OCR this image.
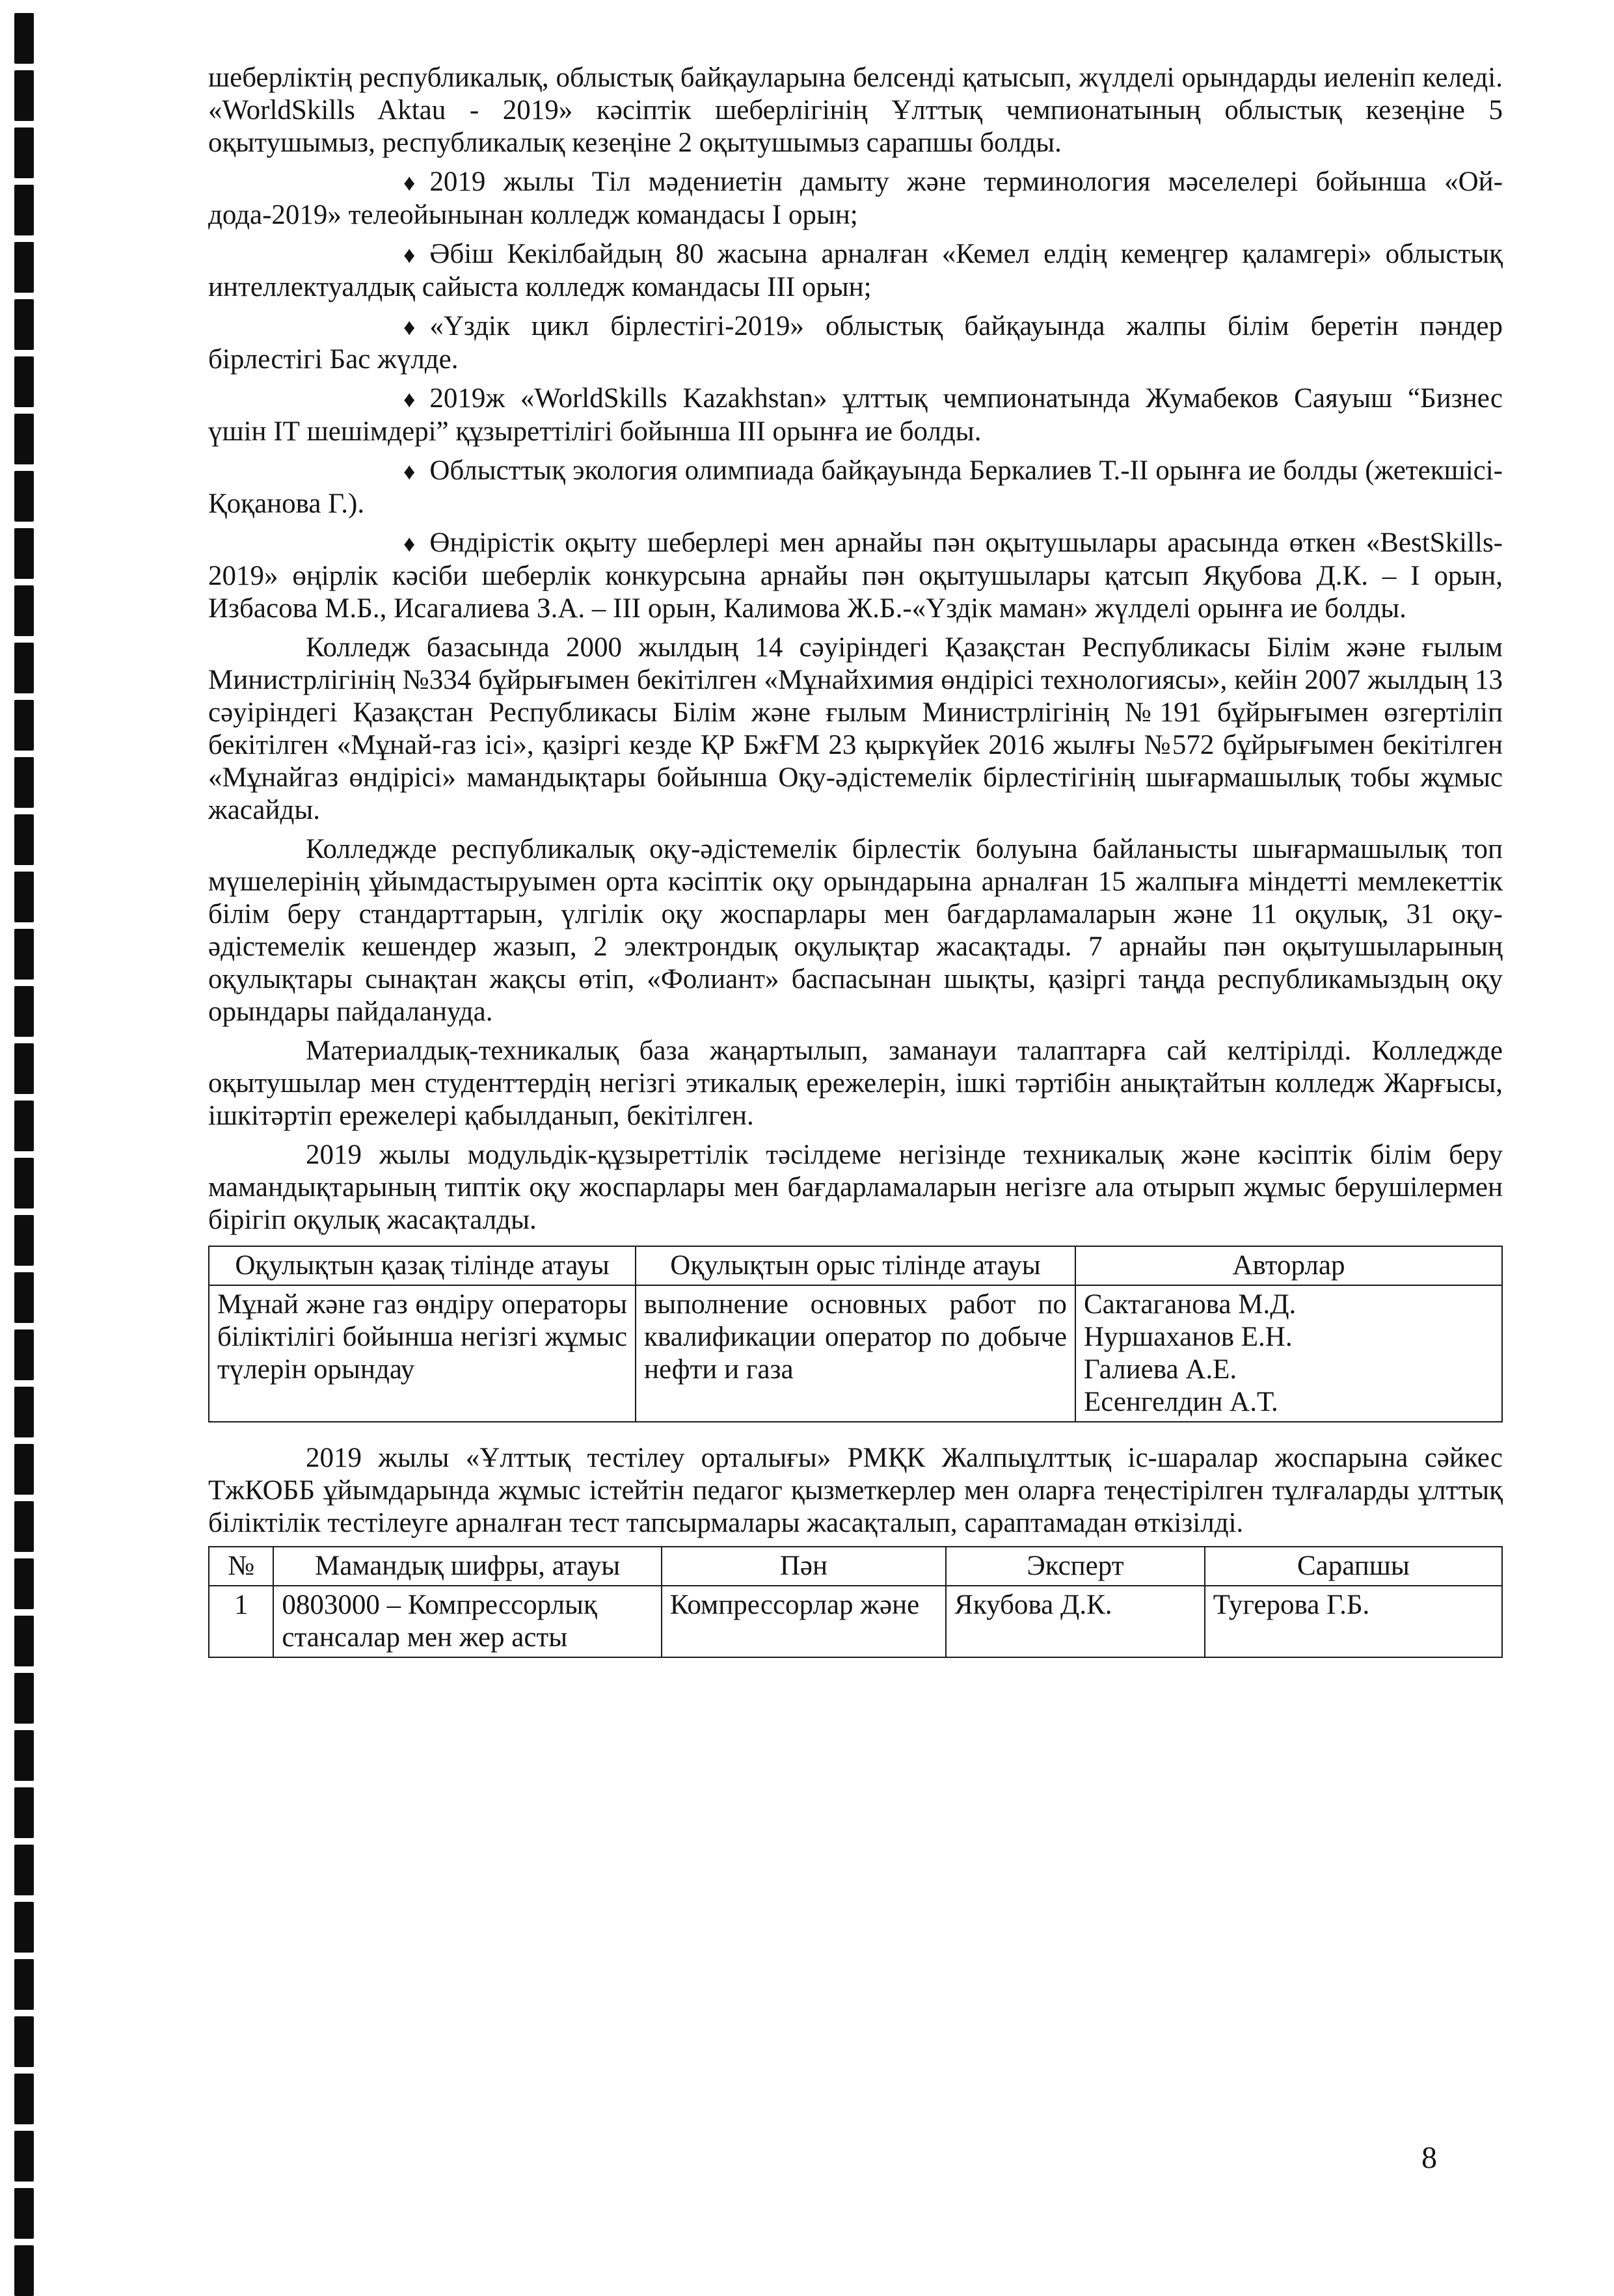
шеберліктің республикалық, облыстық байқауларына белсенді қатысып, жүлделі орындарды иеленіп келеді. «WorldSkills Aktau - 2019» кәсіптік шеберлігінің Ұлттық чемпионатының облыстық кезеңіне 5 оқытушымыз, республикалық кезеңіне 2 оқытушымыз сарапшы болды.

♦ 2019 жылы Тіл мәдениетін дамыту және терминология мәселелері бойынша «Ой-дода-2019» телеойынынан колледж командасы І орын;

♦ Әбіш Кекілбайдың 80 жасына арналған «Кемел елдің кемеңгер қаламгері» облыстық интеллектуалдық сайыста колледж командасы ІІІ орын;

♦ «Үздік цикл бірлестігі-2019» облыстық байқауында жалпы білім беретін пәндер бірлестігі Бас жүлде.

♦ 2019ж «WorldSkills Kazakhstan» ұлттық чемпионатында Жумабеков Саяуыш “Бизнес үшін ІТ шешімдері” құзыреттілігі бойынша ІІІ орынға ие болды.

♦ Облысттық экология олимпиада байқауында Беркалиев Т.-ІІ орынға ие болды (жетекшісі-Қоқанова Г.).

♦ Өндірістік оқыту шеберлері мен арнайы пән оқытушылары арасында өткен «BestSkills-2019» өңірлік кәсіби шеберлік конкурсына арнайы пән оқытушылары қатсып Яқубова Д.К. – І орын, Избасова М.Б., Исагалиева З.А. – ІІІ орын, Калимова Ж.Б.-«Үздік маман» жүлделі орынға ие болды.

Колледж базасында 2000 жылдың 14 сәуіріндегі Қазақстан Республикасы Білім және ғылым Министрлігінің №334 бұйрығымен бекітілген «Мұнайхимия өндірісі технологиясы», кейін 2007 жылдың 13 сәуіріндегі Қазақстан Республикасы Білім және ғылым Министрлігінің №191 бұйрығымен өзгертіліп бекітілген «Мұнай-газ ісі», қазіргі кезде ҚР БжҒМ 23 қыркүйек 2016 жылғы №572 бұйрығымен бекітілген «Мұнайгаз өндірісі» мамандықтары бойынша Оқу-әдістемелік бірлестігінің шығармашылық тобы жұмыс жасайды.

Колледжде республикалық оқу-әдістемелік бірлестік болуына байланысты шығармашылық топ мүшелерінің ұйымдастыруымен орта кәсіптік оқу орындарына арналған 15 жалпыға міндетті мемлекеттік білім беру стандарттарын, үлгілік оқу жоспарлары мен бағдарламаларын және 11 оқулық, 31 оқу-әдістемелік кешендер жазып, 2 электрондық оқулықтар жасақтады. 7 арнайы пән оқытушыларының оқулықтары сынақтан жақсы өтіп, «Фолиант» баспасынан шықты, қазіргі таңда республикамыздың оқу орындары пайдалануда.

Материалдық-техникалық база жаңартылып, заманауи талаптарға сай келтірілді. Колледжде оқытушылар мен студенттердің негізгі этикалық ережелерін, ішкі тәртібін анықтайтын колледж Жарғысы, ішкітәртіп ережелері қабылданып, бекітілген.

2019 жылы модульдік-құзыреттілік тәсілдеме негізінде техникалық және кәсіптік білім беру мамандықтарының типтік оқу жоспарлары мен бағдарламаларын негізге ала отырып жұмыс берушілермен бірігіп оқулық жасақталды.

Оқулықтын қазақ тілінде атауы	Оқулықтын орыс тілінде атауы	Авторлар
Мұнай және газ өндіру операторы біліктілігі бойынша негізгі жұмыс түлерін орындау	выполнение основных работ по квалификации оператор по добыче нефти и газа	Сактаганова М.Д.
Нуршаханов Е.Н.
Галиева А.Е.
Есенгелдин А.Т.

2019 жылы «Ұлттық тестілеу орталығы» РМҚК Жалпыұлттық іс-шаралар жоспарына сәйкес ТжКОББ ұйымдарында жұмыс істейтін педагог қызметкерлер мен оларға теңестірілген тұлғаларды ұлттық біліктілік тестілеуге арналған тест тапсырмалары жасақталып, сараптамадан өткізілді.

№	Мамандық шифры, атауы	Пән	Эксперт	Сарапшы
1	0803000 – Компрессорлық стансалар мен жер асты	Компрессорлар және	Якубова Д.К.	Тугерова Г.Б.
8
